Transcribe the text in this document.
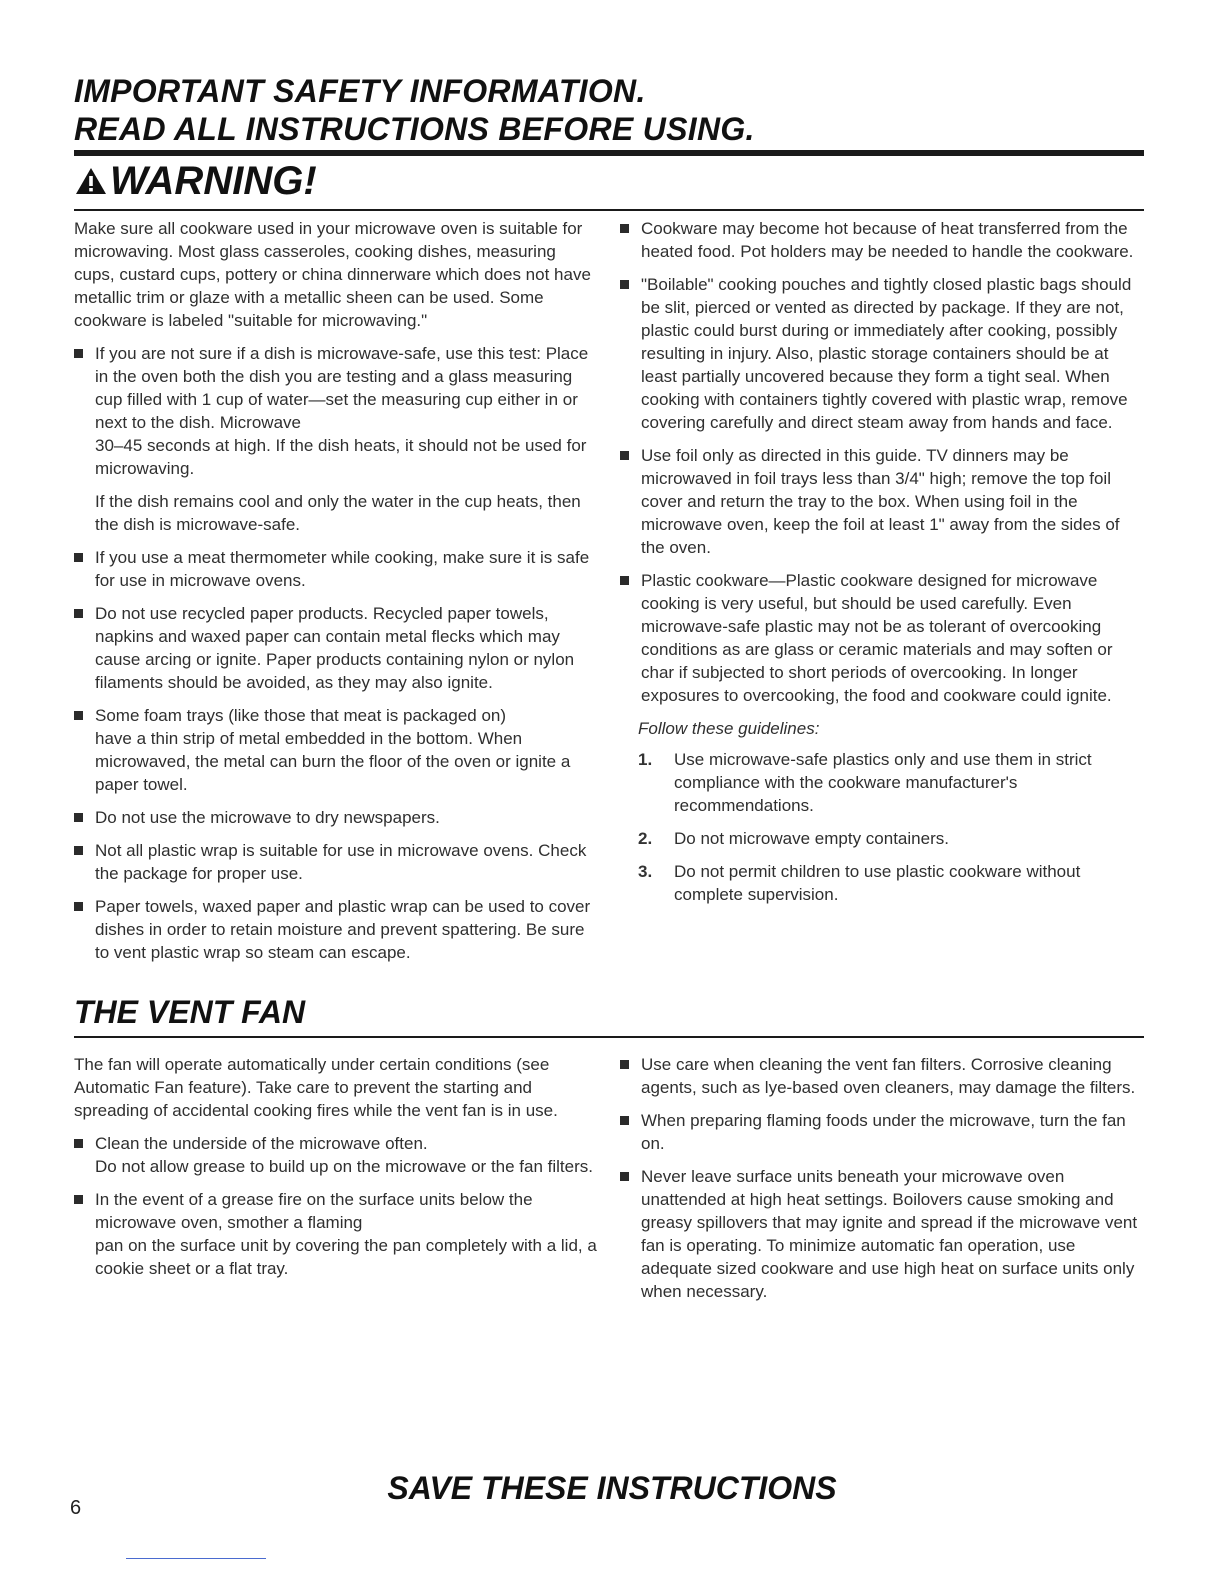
IMPORTANT SAFETY INFORMATION.
READ ALL INSTRUCTIONS BEFORE USING.
WARNING!

Make sure all cookware used in your microwave oven is suitable for microwaving. Most glass casseroles, cooking dishes, measuring cups, custard cups, pottery or china dinnerware which does not have metallic trim or glaze with a metallic sheen can be used. Some cookware is labeled "suitable for microwaving."

If you are not sure if a dish is microwave-safe, use this test: Place in the oven both the dish you are testing and a glass measuring cup filled with 1 cup of water—set the measuring cup either in or next to the dish. Microwave

30–45 seconds at high. If the dish heats, it should not be used for microwaving.

If the dish remains cool and only the water in the cup heats, then the dish is microwave-safe.

If you use a meat thermometer while cooking, make sure it is safe for use in microwave ovens.

Do not use recycled paper products. Recycled paper towels, napkins and waxed paper can contain metal flecks which may cause arcing or ignite. Paper products containing nylon or nylon filaments should be avoided, as they may also ignite.

Some foam trays (like those that meat is packaged on)

have a thin strip of metal embedded in the bottom. When microwaved, the metal can burn the floor of the oven or ignite a paper towel.

Do not use the microwave to dry newspapers.

Not all plastic wrap is suitable for use in microwave ovens. Check the package for proper use.

Paper towels, waxed paper and plastic wrap can be used to cover dishes in order to retain moisture and prevent spattering. Be sure to vent plastic wrap so steam can escape.

Cookware may become hot because of heat transferred from the heated food. Pot holders may be needed to handle the cookware.

"Boilable" cooking pouches and tightly closed plastic bags should be slit, pierced or vented as directed by package. If they are not, plastic could burst during or immediately after cooking, possibly resulting in injury. Also, plastic storage containers should be at least partially uncovered because they form a tight seal. When cooking with containers tightly covered with plastic wrap, remove covering carefully and direct steam away from hands and face.

Use foil only as directed in this guide. TV dinners may be microwaved in foil trays less than 3/4" high; remove the top foil cover and return the tray to the box. When using foil in the microwave oven, keep the foil at least 1" away from the sides of the oven.

Plastic cookware—Plastic cookware designed for microwave cooking is very useful, but should be used carefully. Even microwave-safe plastic may not be as tolerant of overcooking conditions as are glass or ceramic materials and may soften or char if subjected to short periods of overcooking. In longer exposures to overcooking, the food and cookware could ignite.

Follow these guidelines:
1. Use microwave-safe plastics only and use them in strict compliance with the cookware manufacturer's recommendations.
2. Do not microwave empty containers.
3. Do not permit children to use plastic cookware without complete supervision.
THE VENT FAN

The fan will operate automatically under certain conditions (see Automatic Fan feature). Take care to prevent the starting and spreading of accidental cooking fires while the vent fan is in use.

Clean the underside of the microwave often.

Do not allow grease to build up on the microwave or the fan filters.

In the event of a grease fire on the surface units below the microwave oven, smother a flaming

pan on the surface unit by covering the pan completely with a lid, a cookie sheet or a flat tray.

Use care when cleaning the vent fan filters. Corrosive cleaning agents, such as lye-based oven cleaners, may damage the filters.

When preparing flaming foods under the microwave, turn the fan on.

Never leave surface units beneath your microwave oven unattended at high heat settings. Boilovers cause smoking and greasy spillovers that may ignite and spread if the microwave vent fan is operating. To minimize automatic fan operation, use adequate sized cookware and use high heat on surface units only when necessary.

SAVE THESE INSTRUCTIONS
6
